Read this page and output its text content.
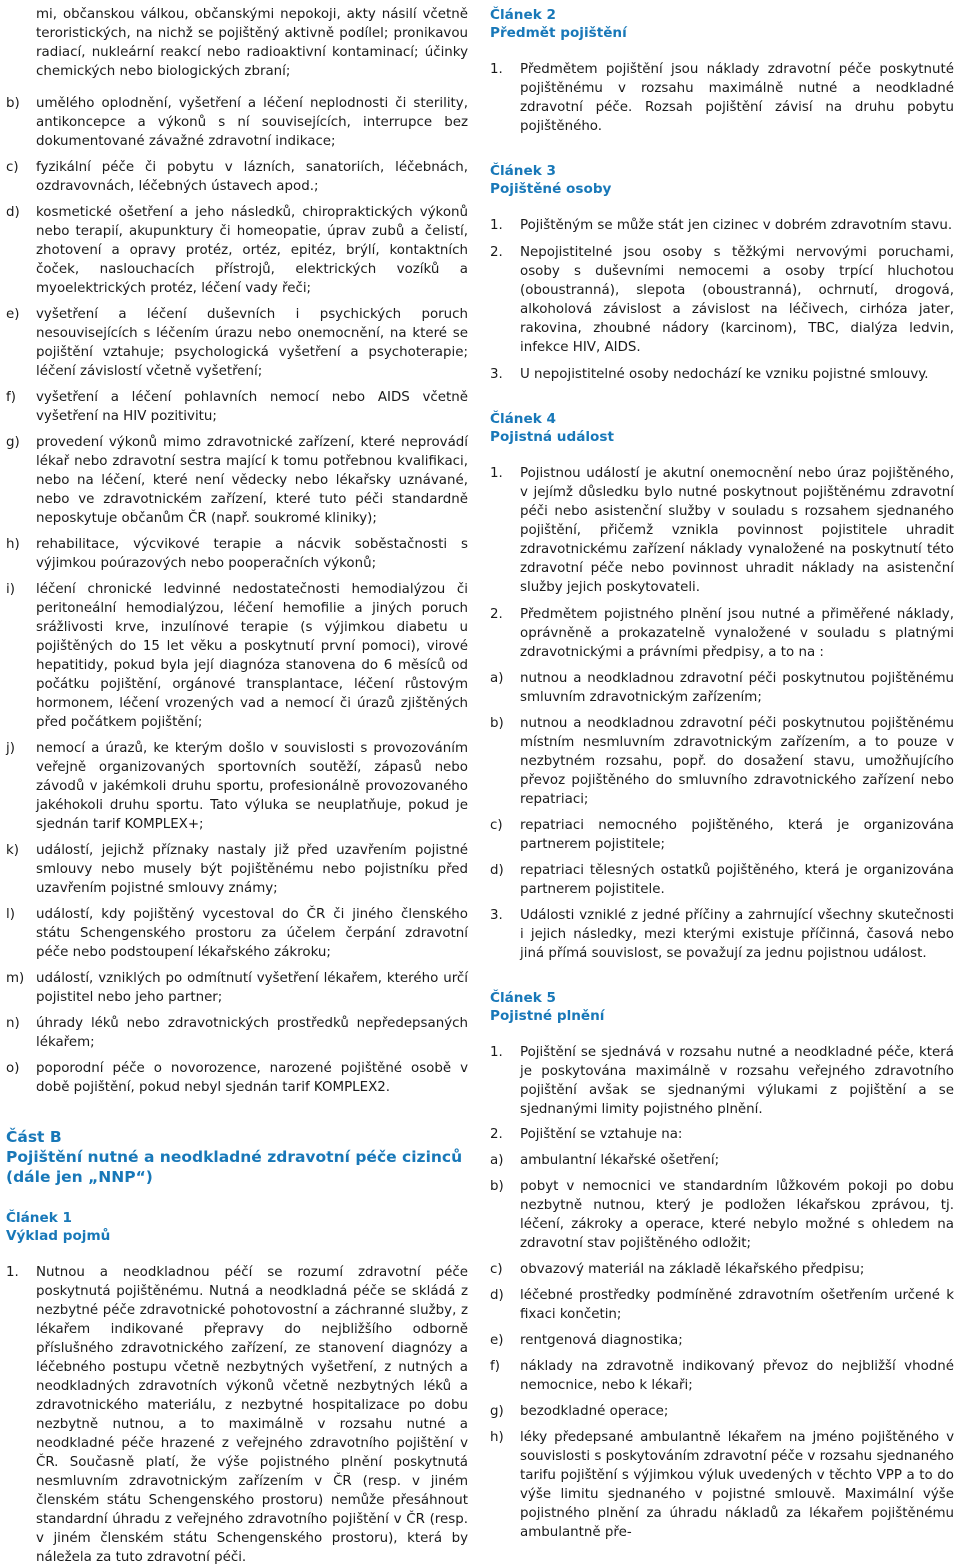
mi, občanskou válkou, občanskými nepokoji, akty násilí včetně teroristických, na nichž se pojištěný aktivně podílel; pronikavou radiací, nukleární reakcí nebo radioaktivní kontaminací; účinky chemických nebo biologických zbraní;

b) umělého oplodnění, vyšetření a léčení neplodnosti či sterility, antikoncepce a výkonů s ní souvisejících, interrupce bez dokumentované závažné zdravotní indikace;
c) fyzikální péče či pobytu v lázních, sanatoriích, léčebnách, ozdravovnách, léčebných ústavech apod.;
d) kosmetické ošetření a jeho následků, chiropraktických výkonů nebo terapií, akupunktury či homeopatie, úprav zubů a čelistí, zhotovení a opravy protéz, ortéz, epitéz, brýlí, kontaktních čoček, naslouchacích přístrojů, elektrických vozíků a myoelektrických protéz, léčení vady řeči;
e) vyšetření a léčení duševních i psychických poruch nesouvisejících s léčením úrazu nebo onemocnění, na které se pojištění vztahuje; psychologická vyšetření a psychoterapie; léčení závislostí včetně vyšetření;
f) vyšetření a léčení pohlavních nemocí nebo AIDS včetně vyšetření na HIV pozitivitu;
g) provedení výkonů mimo zdravotnické zařízení, které neprovádí lékař nebo zdravotní sestra mající k tomu potřebnou kvalifikaci, nebo na léčení, které není vědecky nebo lékařsky uznávané, nebo ve zdravotnickém zařízení, které tuto péči standardně neposkytuje občanům ČR (např. soukromé kliniky);
h) rehabilitace, výcvikové terapie a nácvik soběstačnosti s výjimkou poúrazových nebo pooperačních výkonů;
i) léčení chronické ledvinné nedostatečnosti hemodialýzou či peritoneální hemodialýzou, léčení hemofilie a jiných poruch srážlivosti krve, inzulínové terapie (s výjimkou diabetu u pojištěných do 15 let věku a poskytnutí první pomoci), virové hepatitidy, pokud byla její diagnóza stanovena do 6 měsíců od počátku pojištění, orgánové transplantace, léčení růstovým hormonem, léčení vrozených vad a nemocí či úrazů zjištěných před počátkem pojištění;
j) nemocí a úrazů, ke kterým došlo v souvislosti s provozováním veřejně organizovaných sportovních soutěží, zápasů nebo závodů v jakémkoli druhu sportu, profesionálně provozovaného jakéhokoli druhu sportu. Tato výluka se neuplatňuje, pokud je sjednán tarif KOMPLEX+;
k) událostí, jejichž příznaky nastaly již před uzavřením pojistné smlouvy nebo musely být pojištěnému nebo pojistníku před uzavřením pojistné smlouvy známy;
l) událostí, kdy pojištěný vycestoval do ČR či jiného členského státu Schengenského prostoru za účelem čerpání zdravotní péče nebo podstoupení lékařského zákroku;
m) událostí, vzniklých po odmítnutí vyšetření lékařem, kterého určí pojistitel nebo jeho partner;
n) úhrady léků nebo zdravotnických prostředků nepředepsaných lékařem;
o) poporodní péče o novorozence, narozené pojištěné osobě v době pojištění, pokud nebyl sjednán tarif KOMPLEX2.
Část B
Pojištění nutné a neodkladné zdravotní péče cizinců (dále jen „NNP“)
Článek 1
Výklad pojmů
1. Nutnou a neodkladnou péčí se rozumí zdravotní péče poskytnutá pojištěnému. Nutná a neodkladná péče se skládá z nezbytné péče zdravotnické pohotovostní a záchranné služby, z lékařem indikované přepravy do nejbližšího odborně příslušného zdravotnického zařízení, ze stanovení diagnózy a léčebného postupu včetně nezbytných vyšetření, z nutných a neodkladných zdravotních výkonů včetně nezbytných léků a zdravotnického materiálu, z nezbytné hospitalizace po dobu nezbytně nutnou, a to maximálně v rozsahu nutné a neodkladné péče hrazené z veřejného zdravotního pojištění v ČR. Současně platí, že výše pojistného plnění poskytnutá nesmluvním zdravotnickým zařízením v ČR (resp. v jiném členském státu Schengenského prostoru) nemůže přesáhnout standardní úhradu z veřejného zdravotního pojištění v ČR (resp. v jiném členském státu Schengenského prostoru), která by náležela za tuto zdravotní péči.
Článek 2
Předmět pojištění
1. Předmětem pojištění jsou náklady zdravotní péče poskytnuté pojištěnému v rozsahu maximálně nutné a neodkladné zdravotní péče. Rozsah pojištění závisí na druhu pobytu pojištěného.
Článek 3
Pojištěné osoby
1. Pojištěným se může stát jen cizinec v dobrém zdravotním stavu.
2. Nepojistitelné jsou osoby s těžkými nervovými poruchami, osoby s duševními nemocemi a osoby trpící hluchotou (oboustranná), slepota (oboustranná), ochrnutí, drogová, alkoholová závislost a závislost na léčivech, cirhóza jater, rakovina, zhoubné nádory (karcinom), TBC, dialýza ledvin, infekce HIV, AIDS.
3. U nepojistitelné osoby nedochází ke vzniku pojistné smlouvy.
Článek 4
Pojistná událost
1. Pojistnou událostí je akutní onemocnění nebo úraz pojištěného, v jejímž důsledku bylo nutné poskytnout pojištěnému zdravotní péči nebo asistenční služby v souladu s rozsahem sjednaného pojištění, přičemž vznikla povinnost pojistitele uhradit zdravotnickému zařízení náklady vynaložené na poskytnutí této zdravotní péče nebo povinnost uhradit náklady na asistenční služby jejich poskytovateli.
2. Předmětem pojistného plnění jsou nutné a přiměřené náklady, oprávněně a prokazatelně vynaložené v souladu s platnými zdravotnickými a právními předpisy, a to na :
a) nutnou a neodkladnou zdravotní péči poskytnutou pojištěnému smluvním zdravotnickým zařízením;
b) nutnou a neodkladnou zdravotní péči poskytnutou pojištěnému místním nesmluvním zdravotnickým zařízením, a to pouze v nezbytném rozsahu, popř. do dosažení stavu, umožňujícího převoz pojištěného do smluvního zdravotnického zařízení nebo repatriaci;
c) repatriaci nemocného pojištěného, která je organizována partnerem pojistitele;
d) repatriaci tělesných ostatků pojištěného, která je organizována partnerem pojistitele.
3. Události vzniklé z jedné příčiny a zahrnující všechny skutečnosti i jejich následky, mezi kterými existuje příčinná, časová nebo jiná přímá souvislost, se považují za jednu pojistnou událost.
Článek 5
Pojistné plnění
1. Pojištění se sjednává v rozsahu nutné a neodkladné péče, která je poskytována maximálně v rozsahu veřejného zdravotního pojištění avšak se sjednanými výlukami z pojištění a se sjednanými limity pojistného plnění.
2. Pojištění se vztahuje na:
a) ambulantní lékařské ošetření;
b) pobyt v nemocnici ve standardním lůžkovém pokoji po dobu nezbytně nutnou, který je podložen lékařskou zprávou, tj. léčení, zákroky a operace, které nebylo možné s ohledem na zdravotní stav pojištěného odložit;
c) obvazový materiál na základě lékařského předpisu;
d) léčebné prostředky podmíněné zdravotním ošetřením určené k fixaci končetin;
e) rentgenová diagnostika;
f) náklady na zdravotně indikovaný převoz do nejbližší vhodné nemocnice, nebo k lékaři;
g) bezodkladné operace;
h) léky předepsané ambulantně lékařem na jméno pojištěného v souvislosti s poskytováním zdravotní péče v rozsahu sjednaného tarifu pojištění s výjimkou výluk uvedených v těchto VPP a to do výše limitu sjednaného v pojistné smlouvě. Maximální výše pojistného plnění za úhradu nákladů za lékařem pojištěnému ambulantně pře-
